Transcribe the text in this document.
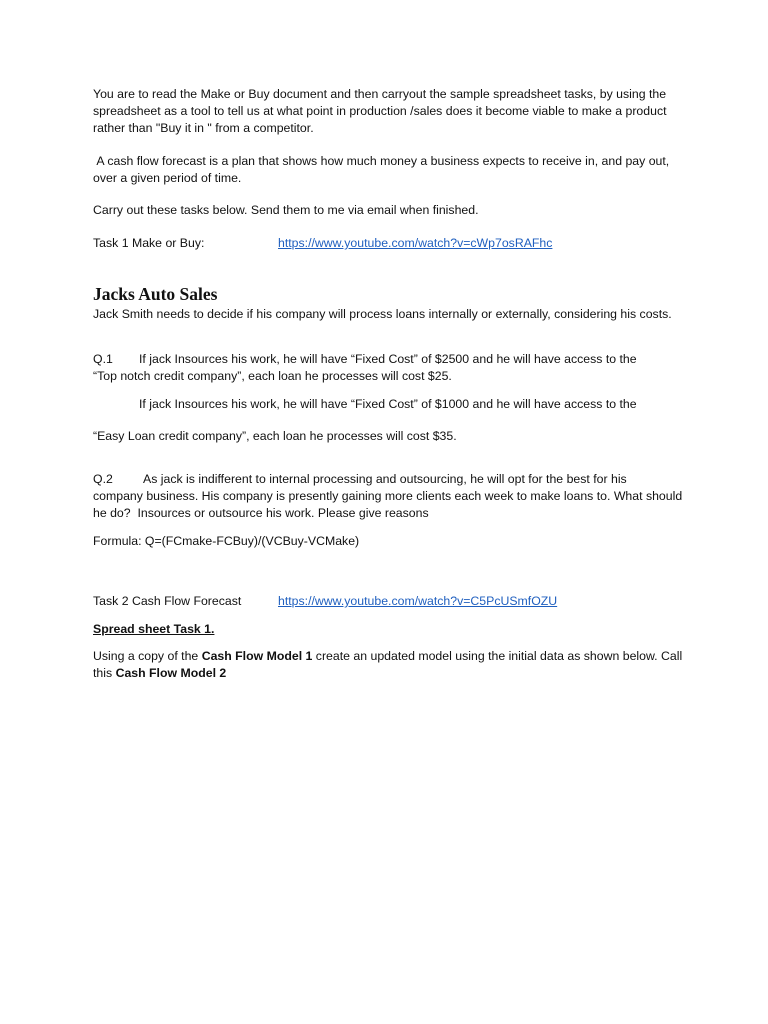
You are to read the Make or Buy document and then carryout the sample spreadsheet tasks, by using the spreadsheet as a tool to tell us at what point in production /sales does it become viable to make a product rather than "Buy it in " from a competitor.
A cash flow forecast is a plan that shows how much money a business expects to receive in, and pay out, over a given period of time.
Carry out these tasks below. Send them to me via email when finished.
Task 1 Make or Buy:	https://www.youtube.com/watch?v=cWp7osRAFhc
Jacks Auto Sales
Jack Smith needs to decide if his company will process loans internally or externally, considering his costs.
Q.1 If jack Insources his work, he will have “Fixed Cost” of $2500 and he will have access to the
“Top notch credit company”, each loan he processes will cost $25.
If jack Insources his work, he will have “Fixed Cost” of $1000 and he will have access to the
“Easy Loan credit company”, each loan he processes will cost $35.
Q.2 As jack is indifferent to internal processing and outsourcing, he will opt for the best for his
company business. His company is presently gaining more clients each week to make loans to. What should he do?  Insources or outsource his work. Please give reasons
Formula: Q=(FCmake-FCBuy)/(VCBuy-VCMake)
Task 2 Cash Flow Forecast	https://www.youtube.com/watch?v=C5PcUSmfOZU
Spread sheet Task 1.
Using a copy of the Cash Flow Model 1 create an updated model using the initial data as shown below. Call this Cash Flow Model 2
